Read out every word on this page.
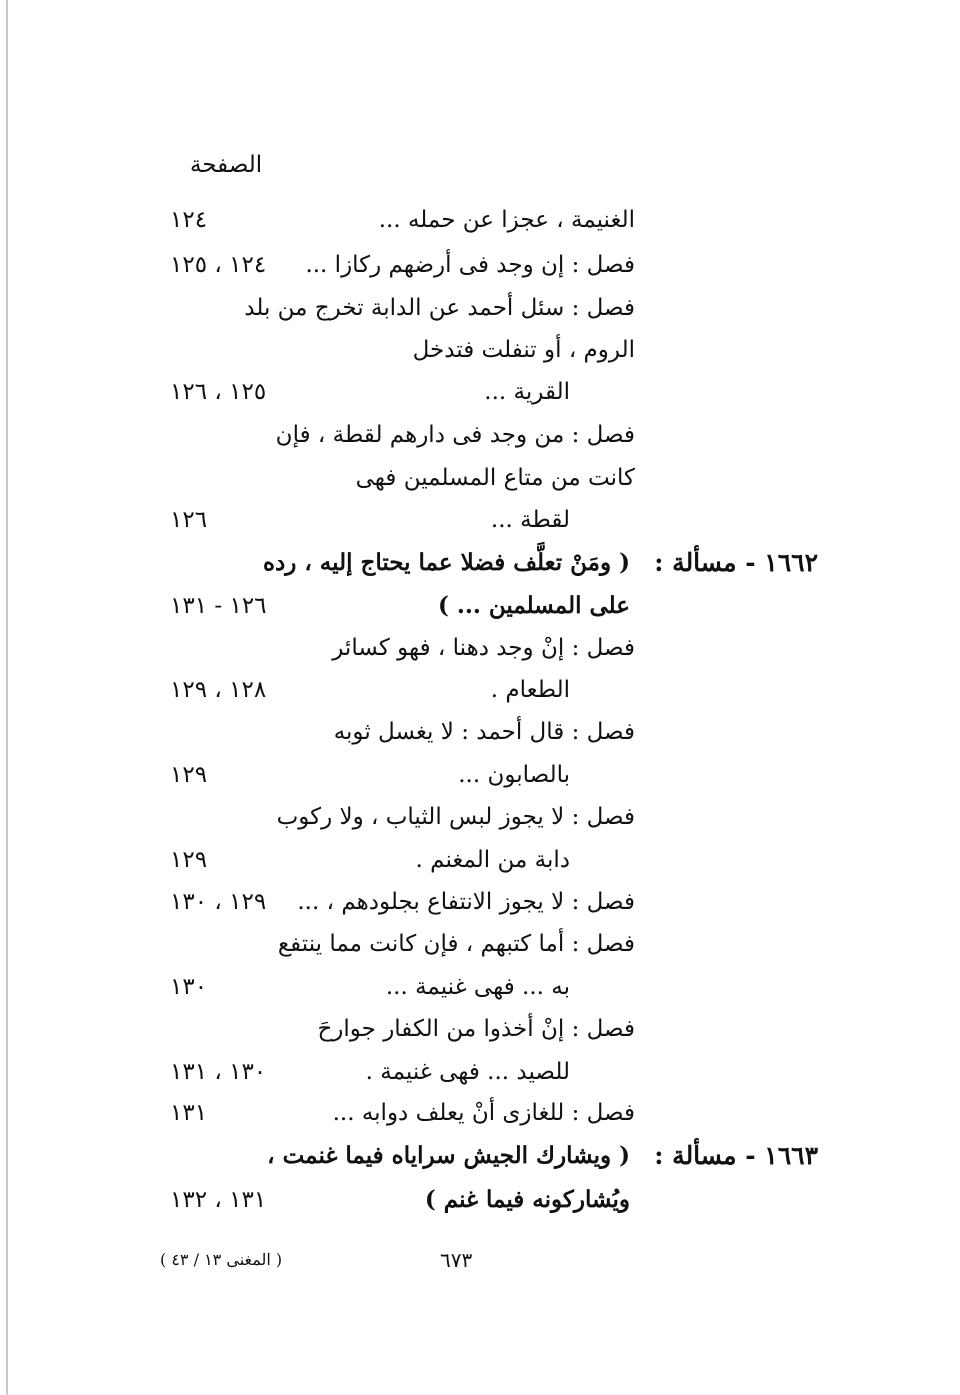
الصفحة
الغنيمة ، عجزا عن حمله ...
١٢٤
فصل : إن وجد فى أرضهم ركازا ...
١٢٤ ، ١٢٥
فصل : سئل أحمد عن الدابة تخرج من بلد
الروم ، أو تنفلت فتدخل
القرية ...
١٢٥ ، ١٢٦
فصل : من وجد فى دارهم لقطة ، فإن
كانت من متاع المسلمين فهى
لقطة ...
١٢٦
١٦٦٢ - مسألة :
( ومَنْ تعلَّف فضلا عما يحتاج إليه ، رده
على المسلمين ... )
١٢٦ - ١٣١
فصل : إنْ وجد دهنا ، فهو كسائر
الطعام .
١٢٨ ، ١٢٩
فصل : قال أحمد : لا يغسل ثوبه
بالصابون ...
١٢٩
فصل : لا يجوز لبس الثياب ، ولا ركوب
دابة من المغنم .
١٢٩
فصل : لا يجوز الانتفاع بجلودهم ، ...
١٢٩ ، ١٣٠
فصل : أما كتبهم ، فإن كانت مما ينتفع
به ... فهى غنيمة ...
١٣٠
فصل : إنْ أخذوا من الكفار جوارحَ
للصيد ... فهى غنيمة .
١٣٠ ، ١٣١
فصل : للغازى أنْ يعلف دوابه ...
١٣١
١٦٦٣ - مسألة :
( ويشارك الجيش سراياه فيما غنمت ،
ويُشاركونه فيما غنم )
١٣١ ، ١٣٢
٦٧٣
( المغنى ١٣ / ٤٣ )
